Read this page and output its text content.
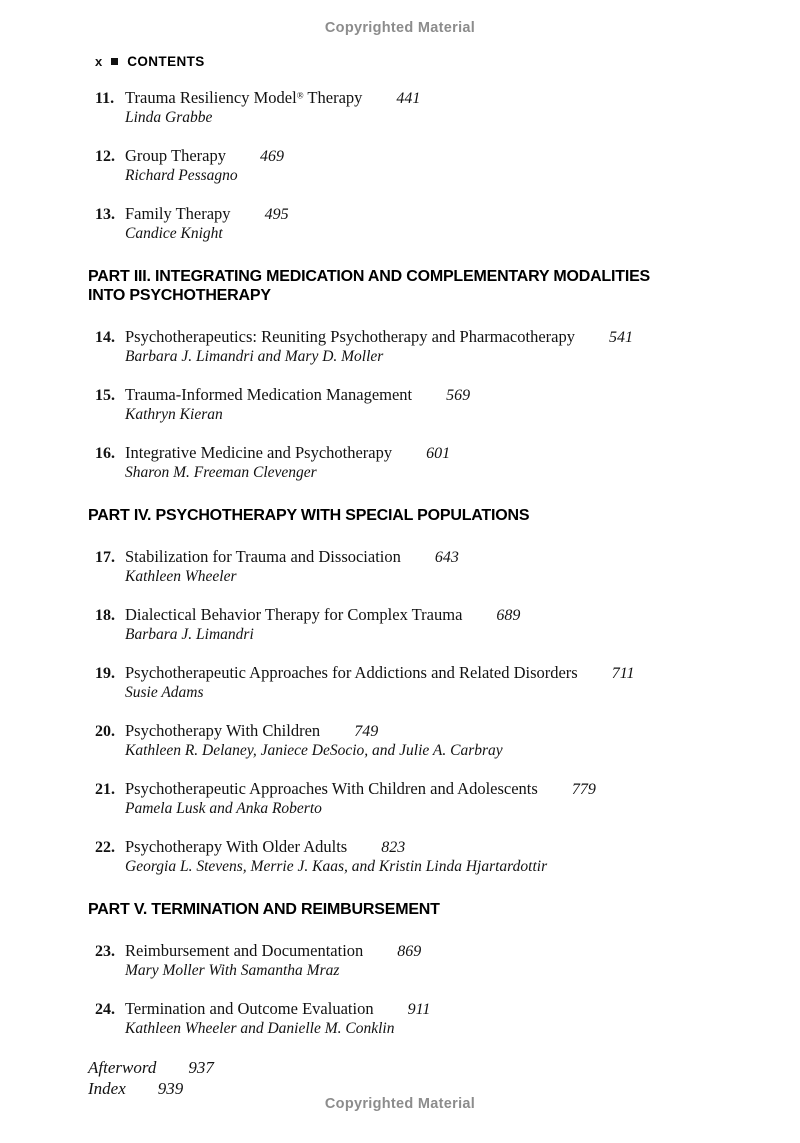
Copyrighted Material
x CONTENTS
11. Trauma Resiliency Model® Therapy 441
Linda Grabbe
12. Group Therapy 469
Richard Pessagno
13. Family Therapy 495
Candice Knight
PART III. INTEGRATING MEDICATION AND COMPLEMENTARY MODALITIES INTO PSYCHOTHERAPY
14. Psychotherapeutics: Reuniting Psychotherapy and Pharmacotherapy 541
Barbara J. Limandri and Mary D. Moller
15. Trauma-Informed Medication Management 569
Kathryn Kieran
16. Integrative Medicine and Psychotherapy 601
Sharon M. Freeman Clevenger
PART IV. PSYCHOTHERAPY WITH SPECIAL POPULATIONS
17. Stabilization for Trauma and Dissociation 643
Kathleen Wheeler
18. Dialectical Behavior Therapy for Complex Trauma 689
Barbara J. Limandri
19. Psychotherapeutic Approaches for Addictions and Related Disorders 711
Susie Adams
20. Psychotherapy With Children 749
Kathleen R. Delaney, Janiece DeSocio, and Julie A. Carbray
21. Psychotherapeutic Approaches With Children and Adolescents 779
Pamela Lusk and Anka Roberto
22. Psychotherapy With Older Adults 823
Georgia L. Stevens, Merrie J. Kaas, and Kristin Linda Hjartardottir
PART V. TERMINATION AND REIMBURSEMENT
23. Reimbursement and Documentation 869
Mary Moller With Samantha Mraz
24. Termination and Outcome Evaluation 911
Kathleen Wheeler and Danielle M. Conklin
Afterword 937
Index 939
Copyrighted Material
